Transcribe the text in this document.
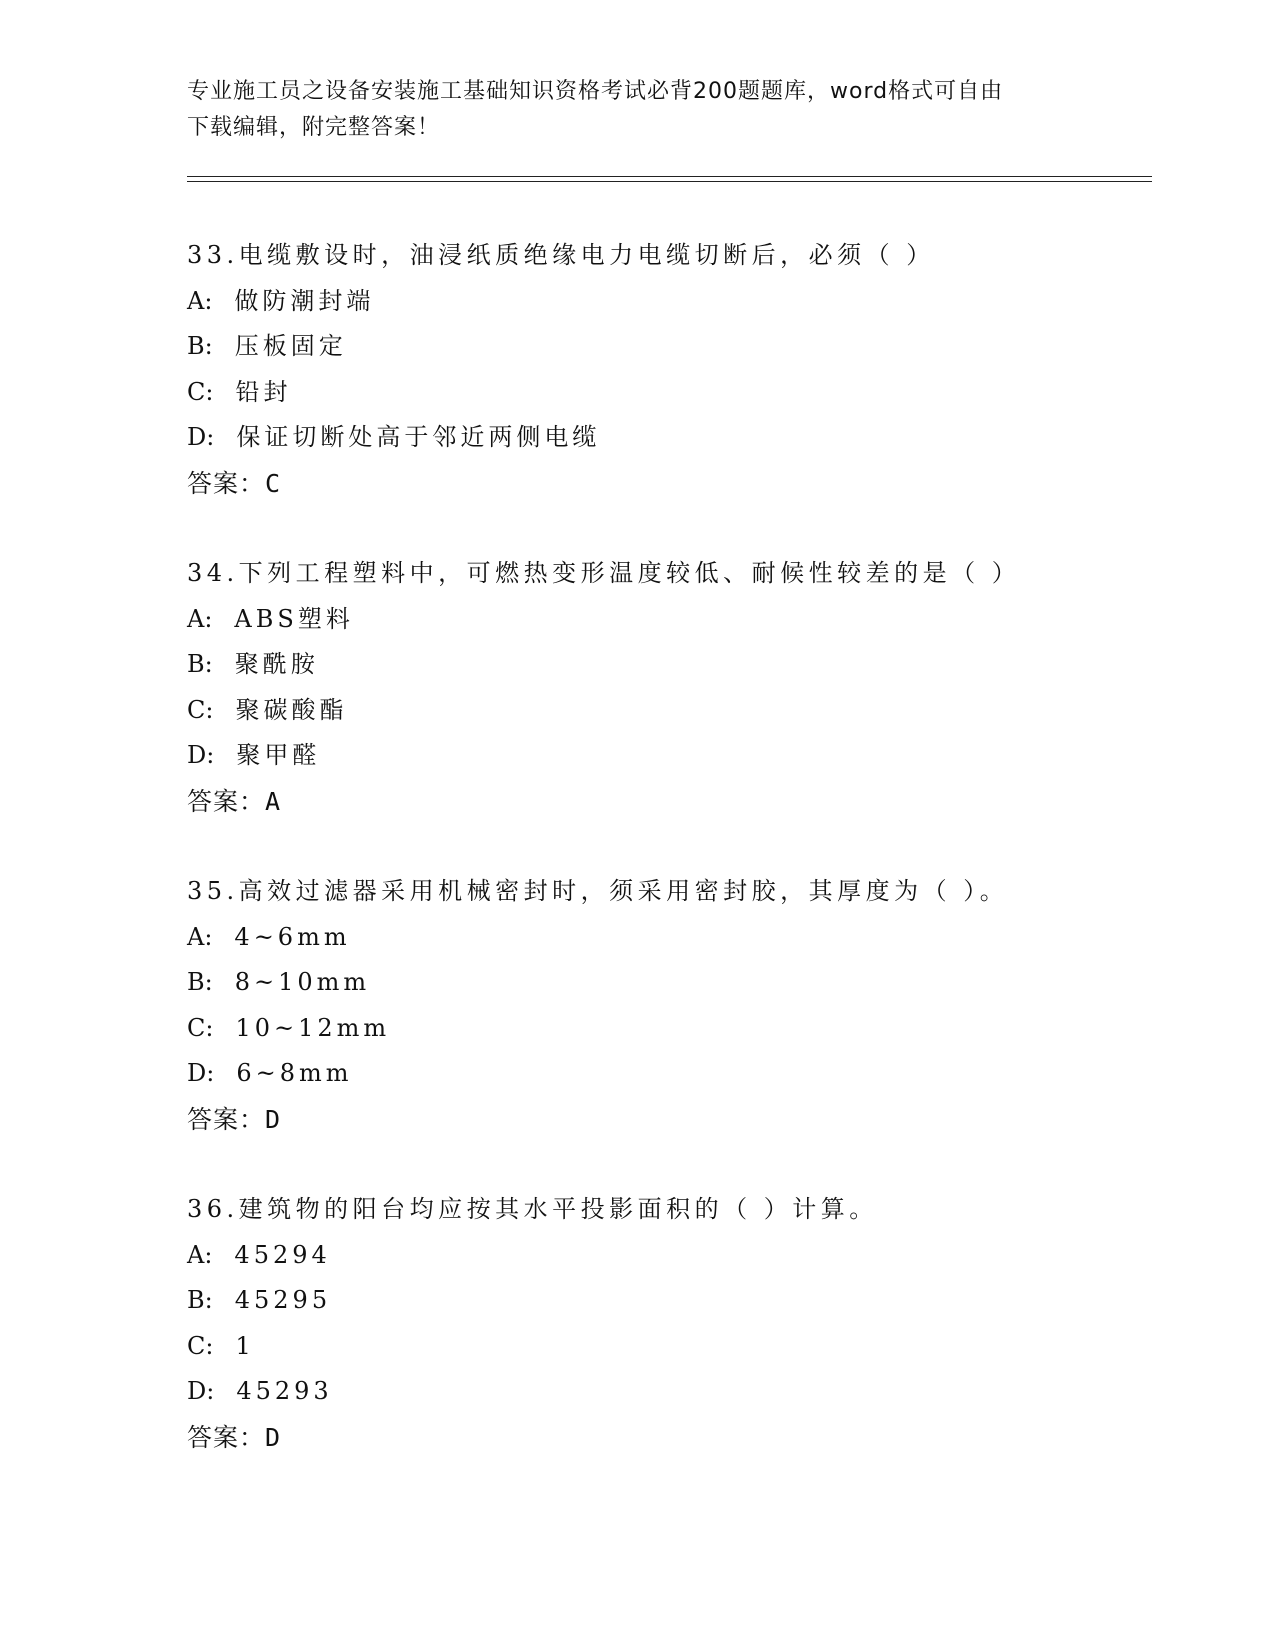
专业施工员之设备安装施工基础知识资格考试必背200题题库，word格式可自由
下载编辑，附完整答案！
33.电缆敷设时，油浸纸质绝缘电力电缆切断后，必须（ ）
A: 做防潮封端
B: 压板固定
C: 铅封
D: 保证切断处高于邻近两侧电缆
答案：C
34.下列工程塑料中，可燃热变形温度较低、耐候性较差的是（ ）
A: ABS塑料
B: 聚酰胺
C: 聚碳酸酯
D: 聚甲醛
答案：A
35.高效过滤器采用机械密封时，须采用密封胶，其厚度为（ ）。
A: 4~6mm
B: 8~10mm
C: 10~12mm
D: 6~8mm
答案：D
36.建筑物的阳台均应按其水平投影面积的（ ）计算。
A: 45294
B: 45295
C: 1
D: 45293
答案：D
